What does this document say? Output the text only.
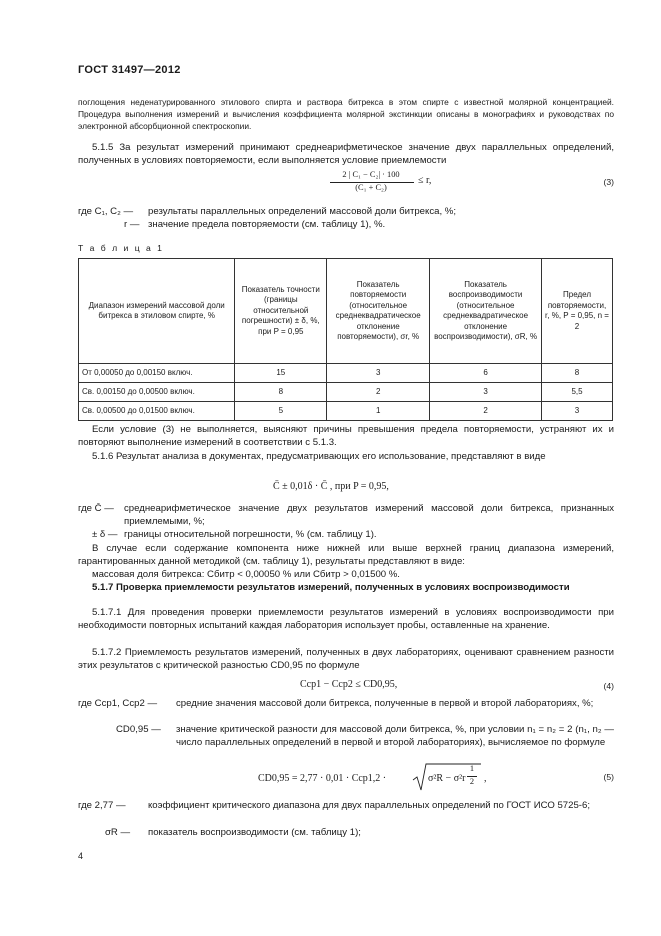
ГОСТ 31497—2012
поглощения неденатурированного этилового спирта и раствора битрекса в этом спирте с известной молярной концентрацией. Процедура выполнения измерений и вычисления коэффициента молярной экстинкции описаны в монографиях и руководствах по электронной абсорбционной спектроскопии.
5.1.5 За результат измерений принимают среднеарифметическое значение двух параллельных определений, полученных в условиях повторяемости, если выполняется условие приемлемости
2 | C₁ − C₂| · 100
(C₁ + C₂)
≤ r,	(3)
где C₁, C₂ — результаты параллельных определений массовой доли битрекса, %;
r — значение предела повторяемости (см. таблицу 1), %.
Т а б л и ц а 1
Диапазон измерений массовой доли битрекса в этиловом спирте, %	Показатель точности (границы относительной погрешности) ± δ, %, при P = 0,95	Показатель повторяемости (относительное среднеквадратическое отклонение повторяемости), σr, %	Показатель воспроизводимости (относительное среднеквадратическое отклонение воспроизводимости), σR, %	Предел повторяемости, r, %, P = 0,95, n = 2
От 0,00050 до 0,00150 включ.	15	3	6	8
Св. 0,00150 до 0,00500 включ.	8	2	3	5,5
Св. 0,00500 до 0,01500 включ.	5	1	2	3
Если условие (3) не выполняется, выясняют причины превышения предела повторяемости, устраняют их и повторяют выполнение измерений в соответствии с 5.1.3.
5.1.6 Результат анализа в документах, предусматривающих его использование, представляют в виде
C̄ ± 0,01δ · C̄ , при P = 0,95,
где C̄ — среднеарифметическое значение двух результатов измерений массовой доли битрекса, признанных приемлемыми, %;
± δ — границы относительной погрешности, % (см. таблицу 1).
В случае если содержание компонента ниже нижней или выше верхней границ диапазона измерений, гарантированных данной методикой (см. таблицу 1), результаты представляют в виде:
массовая доля битрекса: Cбитр < 0,00050 % или Cбитр > 0,01500 %.
5.1.7 Проверка приемлемости результатов измерений, полученных в условиях воспроизводимости
5.1.7.1 Для проведения проверки приемлемости результатов измерений в условиях воспроизводимости при необходимости повторных испытаний каждая лаборатория использует пробы, оставленные на хранение.
5.1.7.2 Приемлемость результатов измерений, полученных в двух лабораториях, оценивают сравнением разности этих результатов с критической разностью CD0,95 по формуле
Cср1 − Cср2 ≤ CD0,95,	(4)
где Cср1, Cср2 — средние значения массовой доли битрекса, полученные в первой и второй лабораториях, %;
CD0,95 — значение критической разности для массовой доли битрекса, %, при условии n₁ = n₂ = 2 (n₁, n₂ — число параллельных определений в первой и второй лабораториях), вычисляемое по формуле
CD0,95 = 2,77 · 0,01 · Cср1,2 ·	σ²R − σ²r
1
2 ,	(5)
где 2,77 — коэффициент критического диапазона для двух параллельных определений по ГОСТ ИСО 5725-6;
σR — показатель воспроизводимости (см. таблицу 1);
4
